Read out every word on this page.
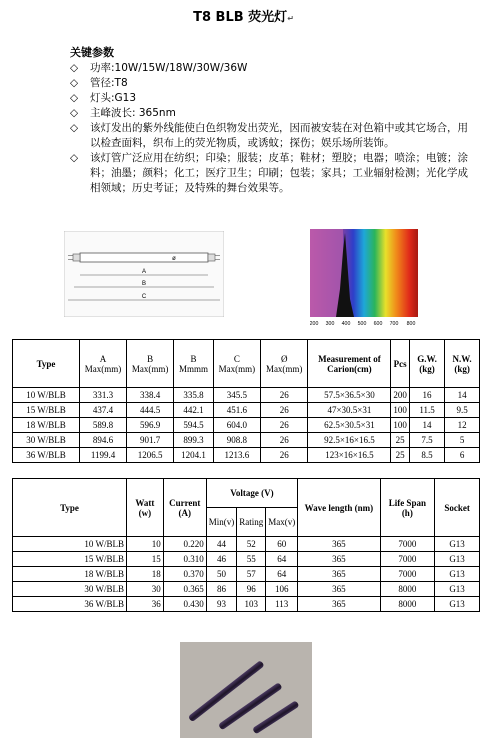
T8 BLB 荧光灯↵
关键参数
◇	功率:10W/15W/18W/30W/36W
◇	管径:T8
◇	灯头:G13
◇	主峰波长: 365nm
◇	该灯发出的紫外线能使白色织物发出荧光，因而被安装在对色箱中或其它场合，用以检查面料，织布上的荧光物质，或诱蚊；探伤；娱乐场所装饰。
◇	该灯管广泛应用在纺织；印染；服装；皮革；鞋材；塑胶；电器；喷涂；电镀；涂料；油墨；颜料；化工；医疗卫生；印刷；包装；家具；工业辐射检测；光化学成相领域；历史考证；及特殊的舞台效果等。
A
B
C
ø
200 300 400 500 600 700 800
Type	A Max(mm)	B Max(mm)	B Mmmm	C Max(mm)	Ø Max(mm)	Measurement of Carion(cm)	Pcs	G.W.(kg)	N.W.(kg)
10 W/BLB	331.3	338.4	335.8	345.5	26	57.5×36.5×30	200	16	14
15 W/BLB	437.4	444.5	442.1	451.6	26	47×30.5×31	100	11.5	9.5
18 W/BLB	589.8	596.9	594.5	604.0	26	62.5×30.5×31	100	14	12
30 W/BLB	894.6	901.7	899.3	908.8	26	92.5×16×16.5	25	7.5	5
36 W/BLB	1199.4	1206.5	1204.1	1213.6	26	123×16×16.5	25	8.5	6
Type	Watt (w)	Current (A)	Voltage (V)			Wave length (nm)	Life Span (h)	Socket
			Min(v)	Rating	Max(v)			
10 W/BLB	10	0.220	44	52	60	365	7000	G13
15 W/BLB	15	0.310	46	55	64	365	7000	G13
18 W/BLB	18	0.370	50	57	64	365	7000	G13
30 W/BLB	30	0.365	86	96	106	365	8000	G13
36 W/BLB	36	0.430	93	103	113	365	8000	G13
